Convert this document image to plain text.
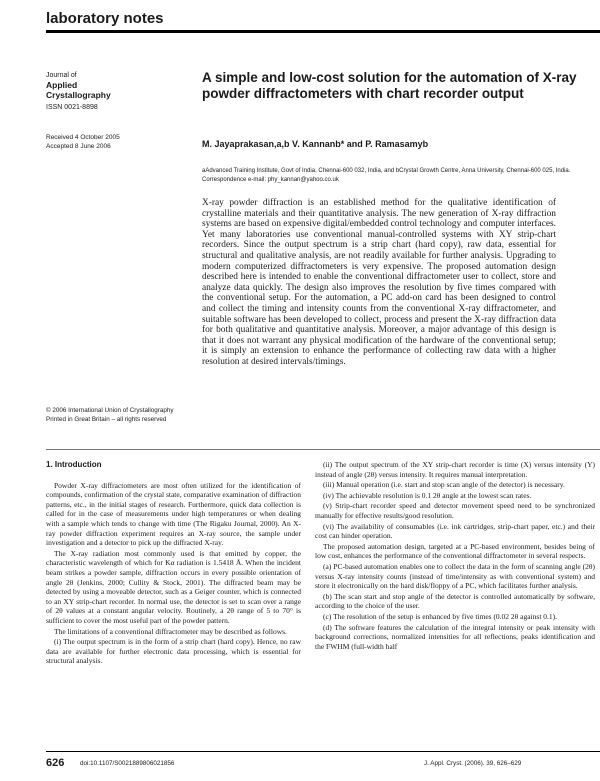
laboratory notes
Journal of
Applied
Crystallography
ISSN 0021-8898
Received 4 October 2005
Accepted 8 June 2006
A simple and low-cost solution for the automation of X-ray powder diffractometers with chart recorder output
M. Jayaprakasan,a,b V. Kannanb* and P. Ramasamyb
aAdvanced Training Institute, Govt of India, Chennai-600 032, India, and bCrystal Growth Centre, Anna University, Chennai-600 025, India. Correspondence e-mail: phy_kannan@yahoo.co.uk
X-ray powder diffraction is an established method for the qualitative identification of crystalline materials and their quantitative analysis. The new generation of X-ray diffraction systems are based on expensive digital/embedded control technology and computer interfaces. Yet many laboratories use conventional manual-controlled systems with XY strip-chart recorders. Since the output spectrum is a strip chart (hard copy), raw data, essential for structural and qualitative analysis, are not readily available for further analysis. Upgrading to modern computerized diffractometers is very expensive. The proposed automation design described here is intended to enable the conventional diffractometer user to collect, store and analyze data quickly. The design also improves the resolution by five times compared with the conventional setup. For the automation, a PC add-on card has been designed to control and collect the timing and intensity counts from the conventional X-ray diffractometer, and suitable software has been developed to collect, process and present the X-ray diffraction data for both qualitative and quantitative analysis. Moreover, a major advantage of this design is that it does not warrant any physical modification of the hardware of the conventional setup; it is simply an extension to enhance the performance of collecting raw data with a higher resolution at desired intervals/timings.
© 2006 International Union of Crystallography
Printed in Great Britain – all rights reserved
1. Introduction

Powder X-ray diffractometers are most often utilized for the identification of compounds, confirmation of the crystal state, comparative examination of diffraction patterns, etc., in the initial stages of research. Furthermore, quick data collection is called for in the case of measurements under high temperatures or when dealing with a sample which tends to change with time (The Rigaku Journal, 2000). An X-ray powder diffraction experiment requires an X-ray source, the sample under investigation and a detector to pick up the diffracted X-ray.

The X-ray radiation most commonly used is that emitted by copper, the characteristic wavelength of which for Kα radiation is 1.5418 Å. When the incident beam strikes a powder sample, diffraction occurs in every possible orientation of angle 2θ (Jenkins, 2000; Cullity & Stock, 2001). The diffracted beam may be detected by using a moveable detector, such as a Geiger counter, which is connected to an XY strip-chart recorder. In normal use, the detector is set to scan over a range of 2θ values at a constant angular velocity. Routinely, a 2θ range of 5 to 70° is sufficient to cover the most useful part of the powder pattern.

The limitations of a conventional diffractometer may be described as follows.

(i) The output spectrum is in the form of a strip chart (hard copy). Hence, no raw data are available for further electronic data processing, which is essential for structural analysis.

(ii) The output spectrum of the XY strip-chart recorder is time (X) versus intensity (Y) instead of angle (2θ) versus intensity. It requires manual interpretation.

(iii) Manual operation (i.e. start and stop scan angle of the detector) is necessary.

(iv) The achievable resolution is 0.1 2θ angle at the lowest scan rates.

(v) Strip-chart recorder speed and detector movement speed need to be synchronized manually for effective results/good resolution.

(vi) The availability of consumables (i.e. ink cartridges, strip-chart paper, etc.) and their cost can hinder operation.

The proposed automation design, targeted at a PC-based environment, besides being of low cost, enhances the performance of the conventional diffractometer in several respects.

(a) PC-based automation enables one to collect the data in the form of scanning angle (2θ) versus X-ray intensity counts (instead of time/intensity as with conventional system) and store it electronically on the hard disk/floppy of a PC, which facilitates further analysis.

(b) The scan start and stop angle of the detector is controlled automatically by software, according to the choice of the user.

(c) The resolution of the setup is enhanced by five times (0.02 2θ against 0.1).

(d) The software features the calculation of the integral intensity or peak intensity with background corrections, normalized intensities for all reflections, peaks identification and the FWHM (full-width half

626 doi:10.1107/S0021889806021856	J. Appl. Cryst. (2006). 39, 626–629
